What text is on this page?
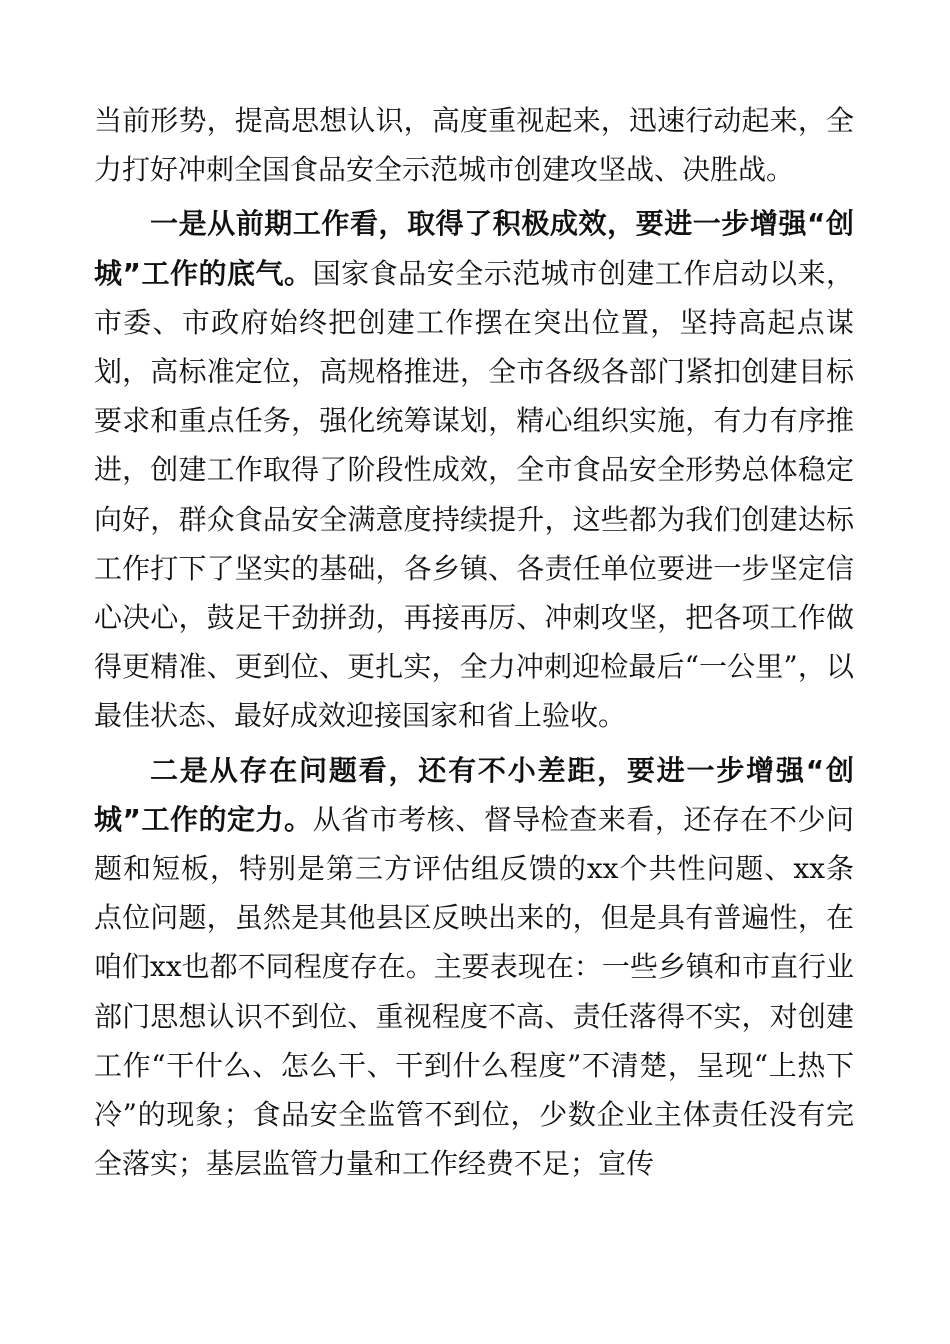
当前形势，提高思想认识，高度重视起来，迅速行动起来，全力打好冲刺全国食品安全示范城市创建攻坚战、决胜战。

一是从前期工作看，取得了积极成效，要进一步增强“创城”工作的底气。国家食品安全示范城市创建工作启动以来，市委、市政府始终把创建工作摆在突出位置，坚持高起点谋划，高标准定位，高规格推进，全市各级各部门紧扣创建目标要求和重点任务，强化统筹谋划，精心组织实施，有力有序推进，创建工作取得了阶段性成效，全市食品安全形势总体稳定向好，群众食品安全满意度持续提升，这些都为我们创建达标工作打下了坚实的基础，各乡镇、各责任单位要进一步坚定信心决心，鼓足干劲拼劲，再接再厉、冲刺攻坚，把各项工作做得更精准、更到位、更扎实，全力冲刺迎检最后“一公里”，以最佳状态、最好成效迎接国家和省上验收。

二是从存在问题看，还有不小差距，要进一步增强“创城”工作的定力。从省市考核、督导检查来看，还存在不少问题和短板，特别是第三方评估组反馈的xx个共性问题、xx条点位问题，虽然是其他县区反映出来的，但是具有普遍性，在咱们xx也都不同程度存在。主要表现在：一些乡镇和市直行业部门思想认识不到位、重视程度不高、责任落得不实，对创建工作“干什么、怎么干、干到什么程度”不清楚，呈现“上热下冷”的现象；食品安全监管不到位，少数企业主体责任没有完全落实；基层监管力量和工作经费不足；宣传
